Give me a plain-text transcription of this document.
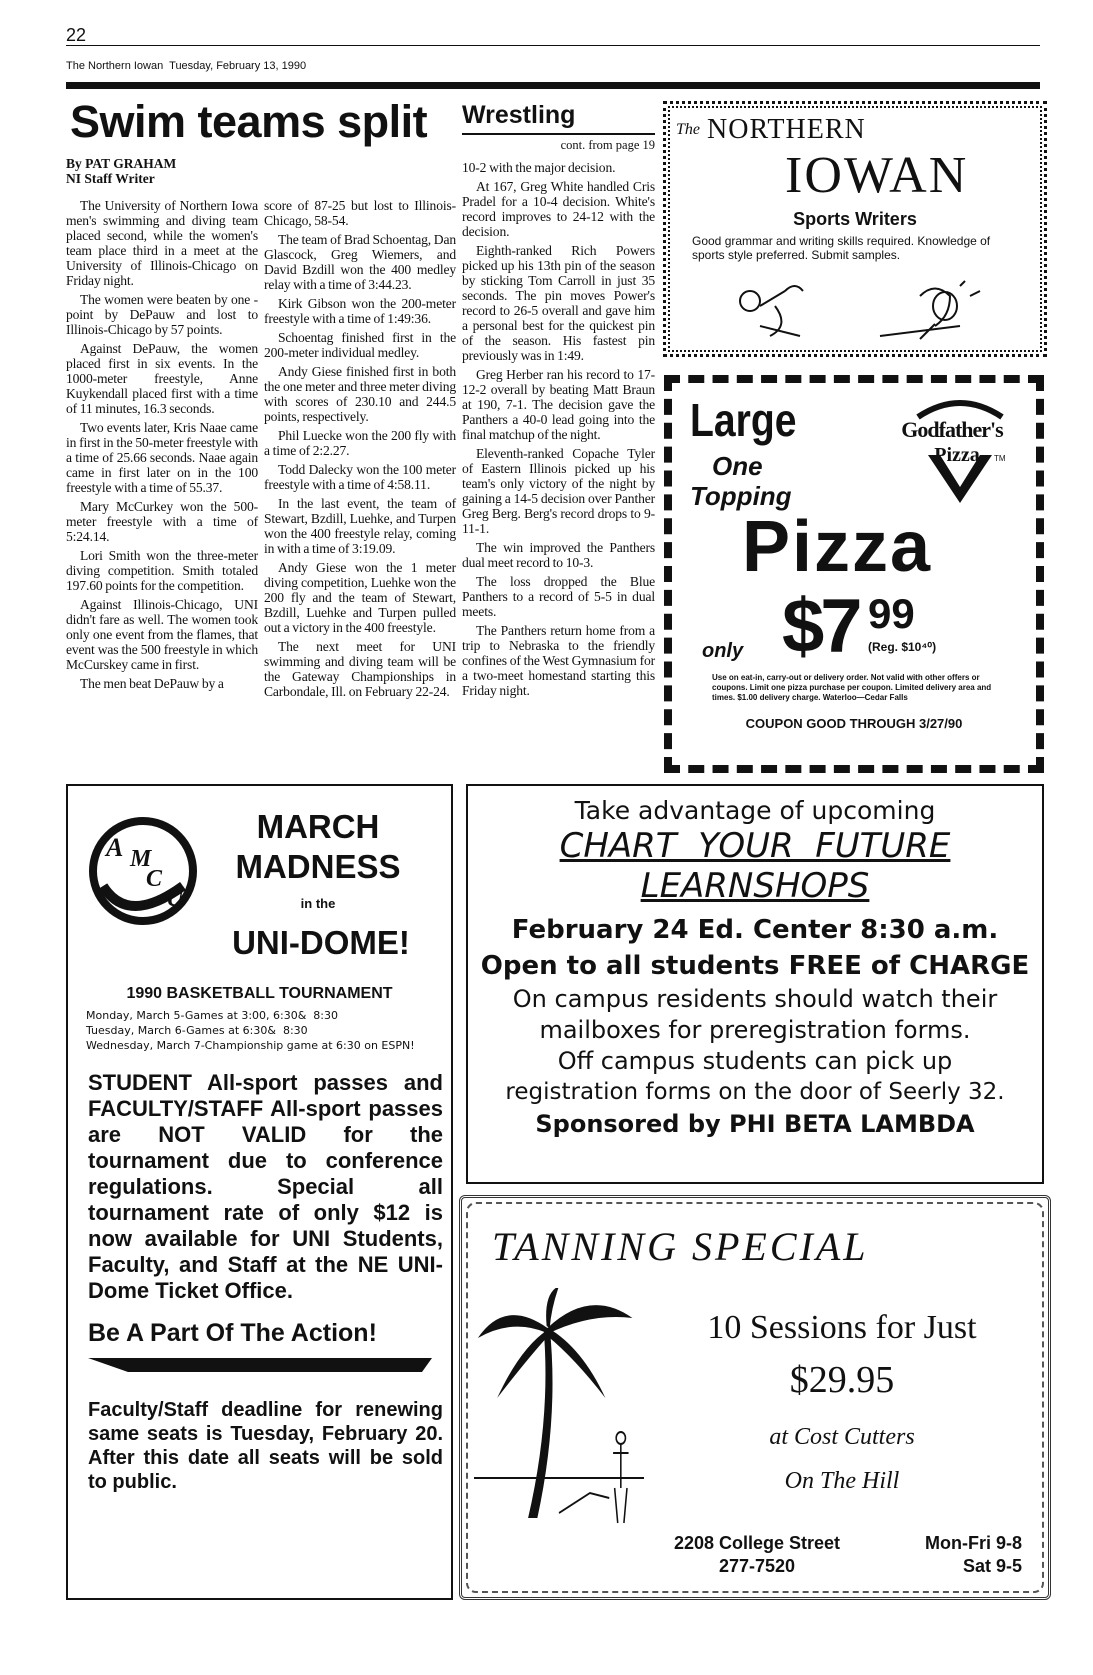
22
The Northern Iowan  Tuesday, February 13, 1990
Swim teams split
By PAT GRAHAM
NI Staff Writer

The University of Northern Iowa men's swimming and diving team placed second, while the women's team place third in a meet at the University of Illinois-Chicago on Friday night.

The women were beaten by one -point by DePauw and lost to Illinois-Chicago by 57 points.

Against DePauw, the women placed first in six events. In the 1000-meter freestyle, Anne Kuykendall placed first with a time of 11 minutes, 16.3 seconds.

Two events later, Kris Naae came in first in the 50-meter freestyle with a time of 25.66 seconds. Naae again came in first later on in the 100 freestyle with a time of 55.37.

Mary McCurkey won the 500-meter freestyle with a time of 5:24.14.

Lori Smith won the three-meter diving competition. Smith totaled 197.60 points for the competition.

Against Illinois-Chicago, UNI didn't fare as well. The women took only one event from the flames, that event was the 500 freestyle in which McCurskey came in first.

The men beat DePauw by a

score of 87-25 but lost to Illinois-Chicago, 58-54.

The team of Brad Schoentag, Dan Glascock, Greg Wiemers, and David Bzdill won the 400 medley relay with a time of 3:44.23.

Kirk Gibson won the 200-meter freestyle with a time of 1:49:36.

Schoentag finished first in the 200-meter individual medley.

Andy Giese finished first in both the one meter and three meter diving with scores of 230.10 and 244.5 points, respectively.

Phil Luecke won the 200 fly with a time of 2:2.27.

Todd Dalecky won the 100 meter freestyle with a time of 4:58.11.

In the last event, the team of Stewart, Bzdill, Luehke, and Turpen won the 400 freestyle relay, coming in with a time of 3:19.09.

Andy Giese won the 1 meter diving competition, Luehke won the 200 fly and the team of Stewart, Bzdill, Luehke and Turpen pulled out a victory in the 400 freestyle.

The next meet for UNI swimming and diving team will be the Gateway Championships in Carbondale, Ill. on February 22-24.

Wrestling
cont. from page 19

10-2 with the major decision.

At 167, Greg White handled Cris Pradel for a 10-4 decision. White's record improves to 24-12 with the decision.

Eighth-ranked Rich Powers picked up his 13th pin of the season by sticking Tom Carroll in just 35 seconds. The pin moves Power's record to 26-5 overall and gave him a personal best for the quickest pin of the season. His fastest pin previously was in 1:49.

Greg Herber ran his record to 17-12-2 overall by beating Matt Braun at 190, 7-1. The decision gave the Panthers a 40-0 lead going into the final matchup of the night.

Eleventh-ranked Copache Tyler of Eastern Illinois picked up his team's only victory of the night by gaining a 14-5 decision over Panther Greg Berg. Berg's record drops to 9-11-1.

The win improved the Panthers dual meet record to 10-3.

The loss dropped the Blue Panthers to a record of 5-5 in dual meets.

The Panthers return home from a trip to Nebraska to the friendly confines of the West Gymnasium for a two-meet homestand starting this Friday night.

$^{The}$ NORTHERN
IOWAN
Sports Writers
Good grammar and writing skills required. Knowledge of sports style preferred. Submit samples.
Large
One
Topping
Godfather's
Pizza	TM
Pizza
only $7 99
(Reg. $10⁴⁰)
Use on eat-in, carry-out or delivery order. Not valid with other offers or coupons. Limit one pizza purchase per coupon. Limited delivery area and times. $1.00 delivery charge. Waterloo—Cedar Falls
COUPON GOOD THROUGH 3/27/90
A M
C
U
MARCH
MADNESS
in the
UNI-DOME!
1990 BASKETBALL TOURNAMENT
Monday, March 5-Games at 3:00, 6:30&  8:30
Tuesday, March 6-Games at 6:30&  8:30
Wednesday, March 7-Championship game at 6:30 on ESPN!

STUDENT All-sport passes and FACULTY/STAFF All-sport passes are NOT VALID for the tournament due to conference regulations. Special all tournament rate of only $12 is now available for UNI Students, Faculty, and Staff at the NE UNI-Dome Ticket Office.

Be A Part Of The Action!

Faculty/Staff deadline for renewing same seats is Tuesday, February 20. After this date all seats will be sold to public.

Take advantage of upcoming
CHART  YOUR  FUTURE
LEARNSHOPS
February 24 Ed. Center 8:30 a.m.
Open to all students FREE of CHARGE
On campus residents should watch their
mailboxes for preregistration forms.
Off campus students can pick up
registration forms on the door of Seerly 32.
Sponsored by PHI BETA LAMBDA
TANNING SPECIAL
10 Sessions for Just
$29.95
at Cost Cutters
On The Hill
2208 College Street
277-7520
Mon-Fri 9-8
Sat 9-5
